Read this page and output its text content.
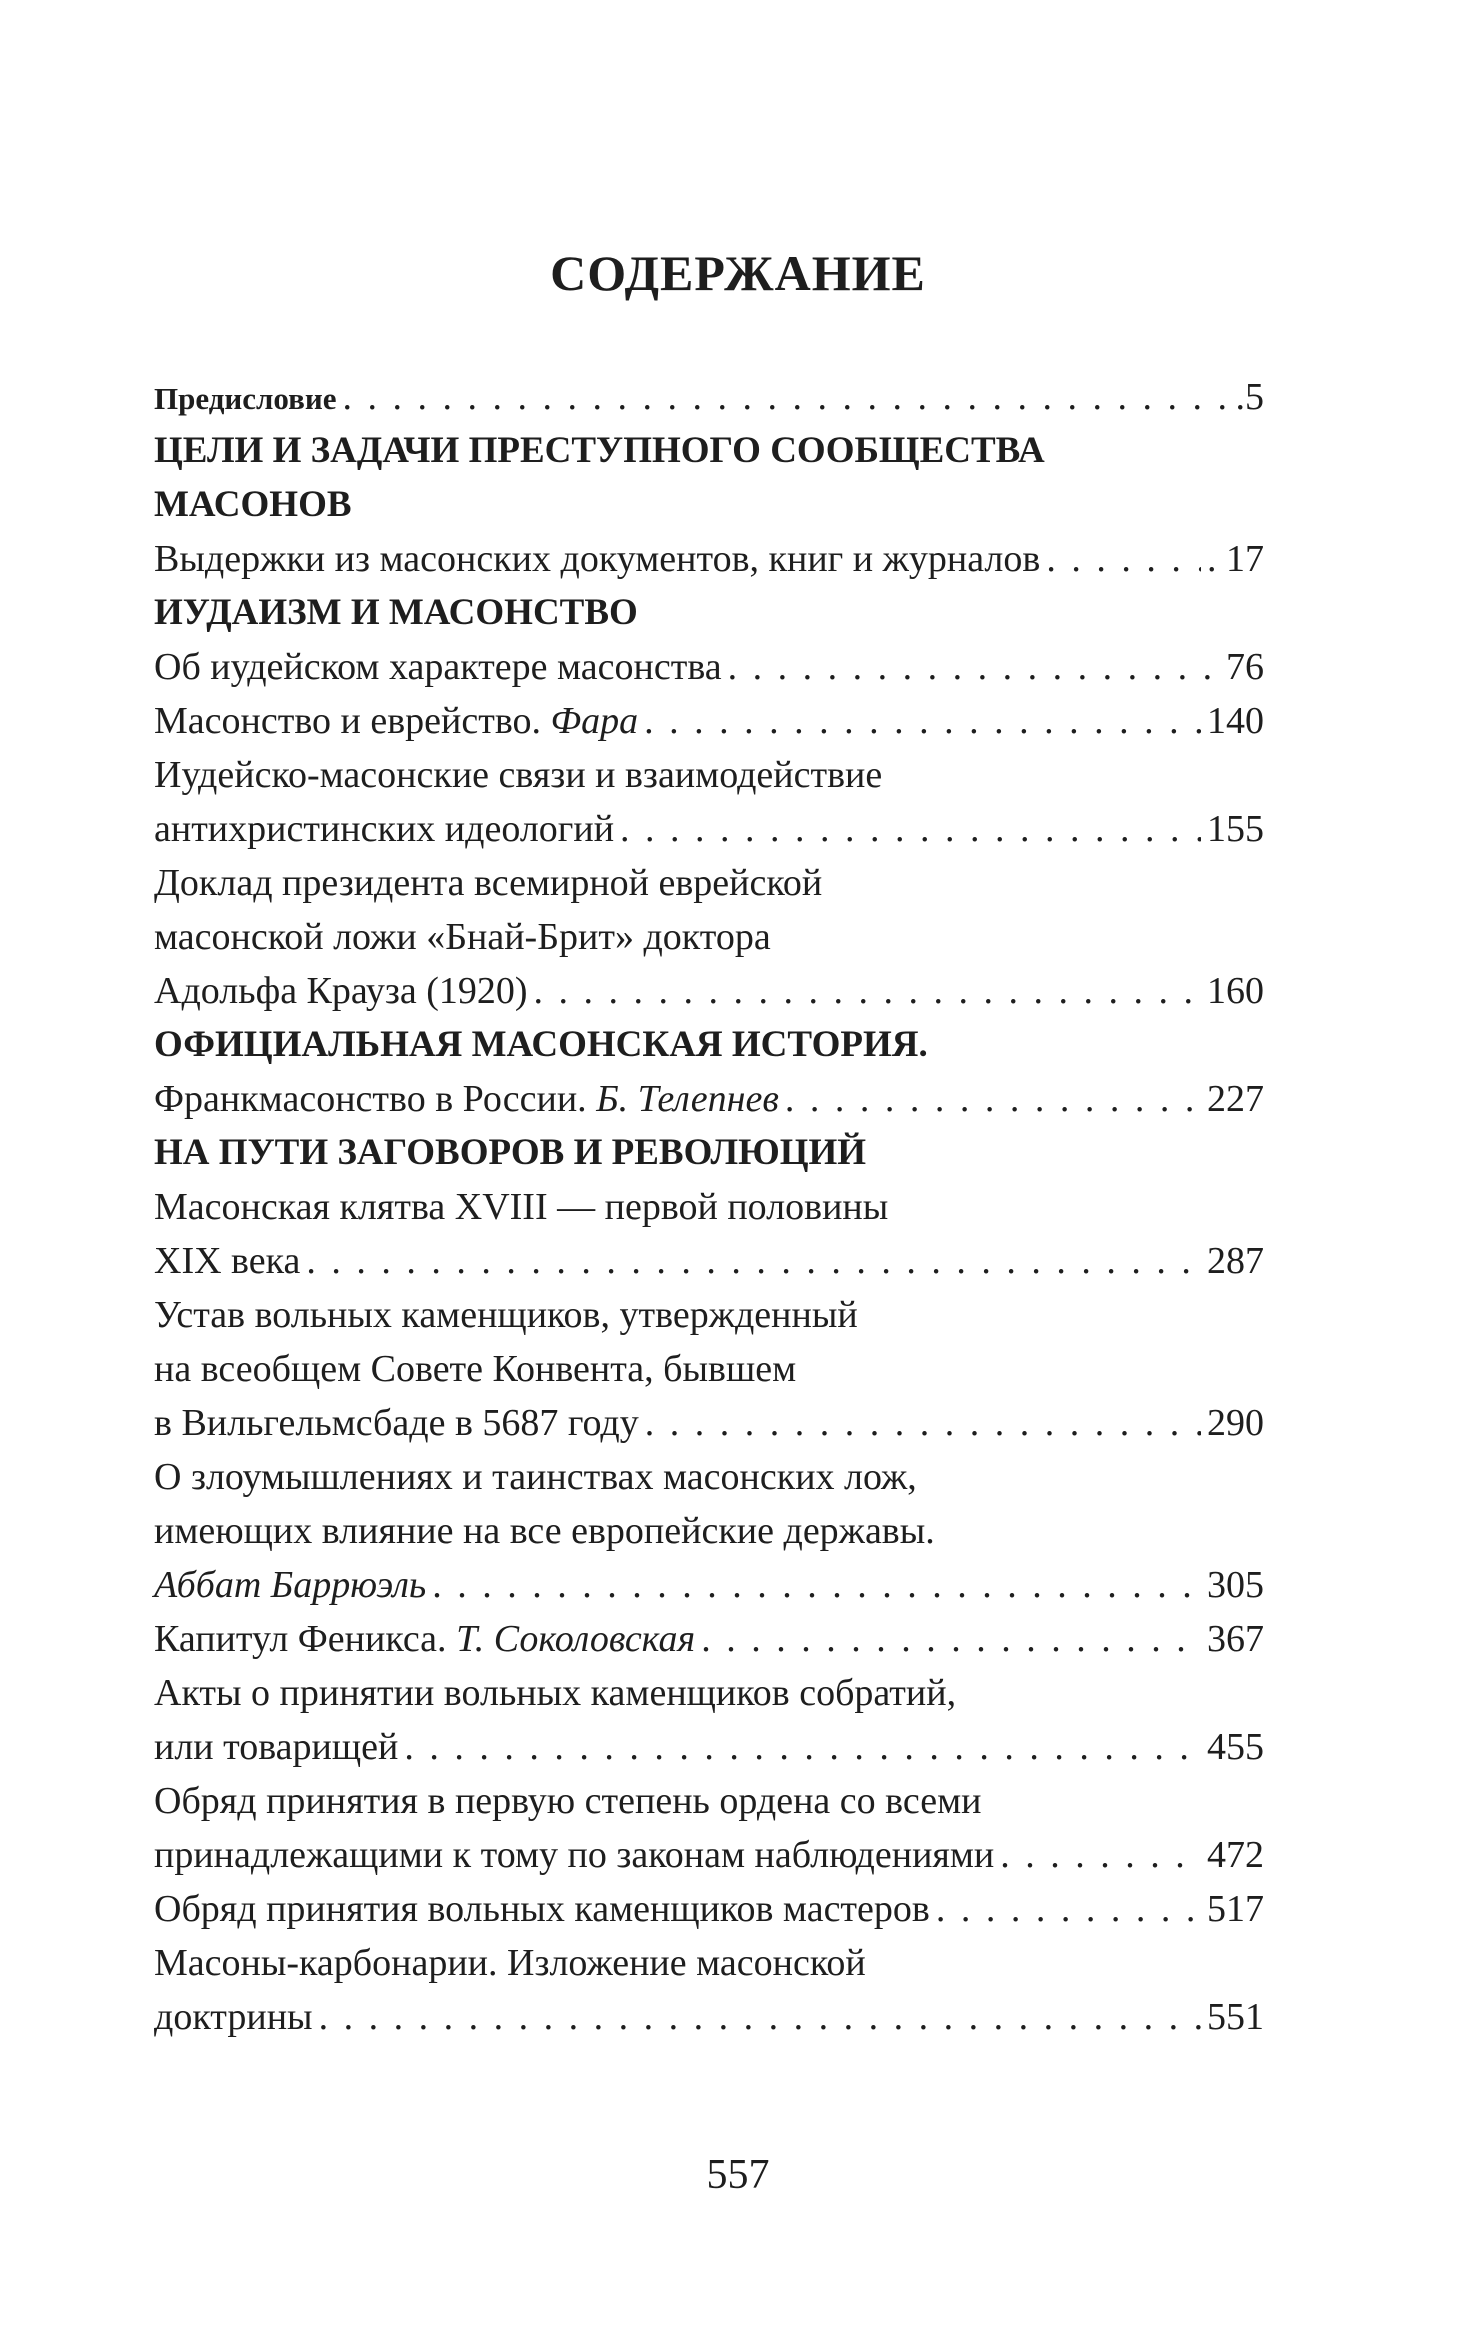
СОДЕРЖАНИЕ
Предисловие . . .	.5
ЦЕЛИ И ЗАДАЧИ ПРЕСТУПНОГО СООБЩЕСТВА
МАСОНОВ
Выдержки из масонских документов, книг и журналов . . .	. 17
ИУДАИЗМ И МАСОНСТВО
Об иудейском характере масонства . . .	76
Масонство и еврейство. Фара . . .	140
Иудейско-масонские связи и взаимодействие
антихристинских идеологий . . .	155
Доклад президента всемирной еврейской
масонской ложи «Бнай-Брит» доктора
Адольфа Крауза (1920) . . .	160
ОФИЦИАЛЬНАЯ МАСОНСКАЯ ИСТОРИЯ.
Франкмасонство в России. Б. Телепнев . . .	227
НА ПУТИ ЗАГОВОРОВ И РЕВОЛЮЦИЙ
Масонская клятва XVIII — первой половины
XIX века . . .	287
Устав вольных каменщиков, утвержденный
на всеобщем Совете Конвента, бывшем
в Вильгельмсбаде в 5687 году . . .	290
О злоумышлениях и таинствах масонских лож,
имеющих влияние на все европейские державы.
Аббат Баррюэль . . .	305
Капитул Феникса. Т. Соколовская . . .	367
Акты о принятии вольных каменщиков собратий,
или товарищей . . .	455
Обряд принятия в первую степень ордена со всеми
принадлежащими к тому по законам наблюдениями . . .	472
Обряд принятия вольных каменщиков мастеров . . .	517
Масоны-карбонарии. Изложение масонской
доктрины . . .	551
557
